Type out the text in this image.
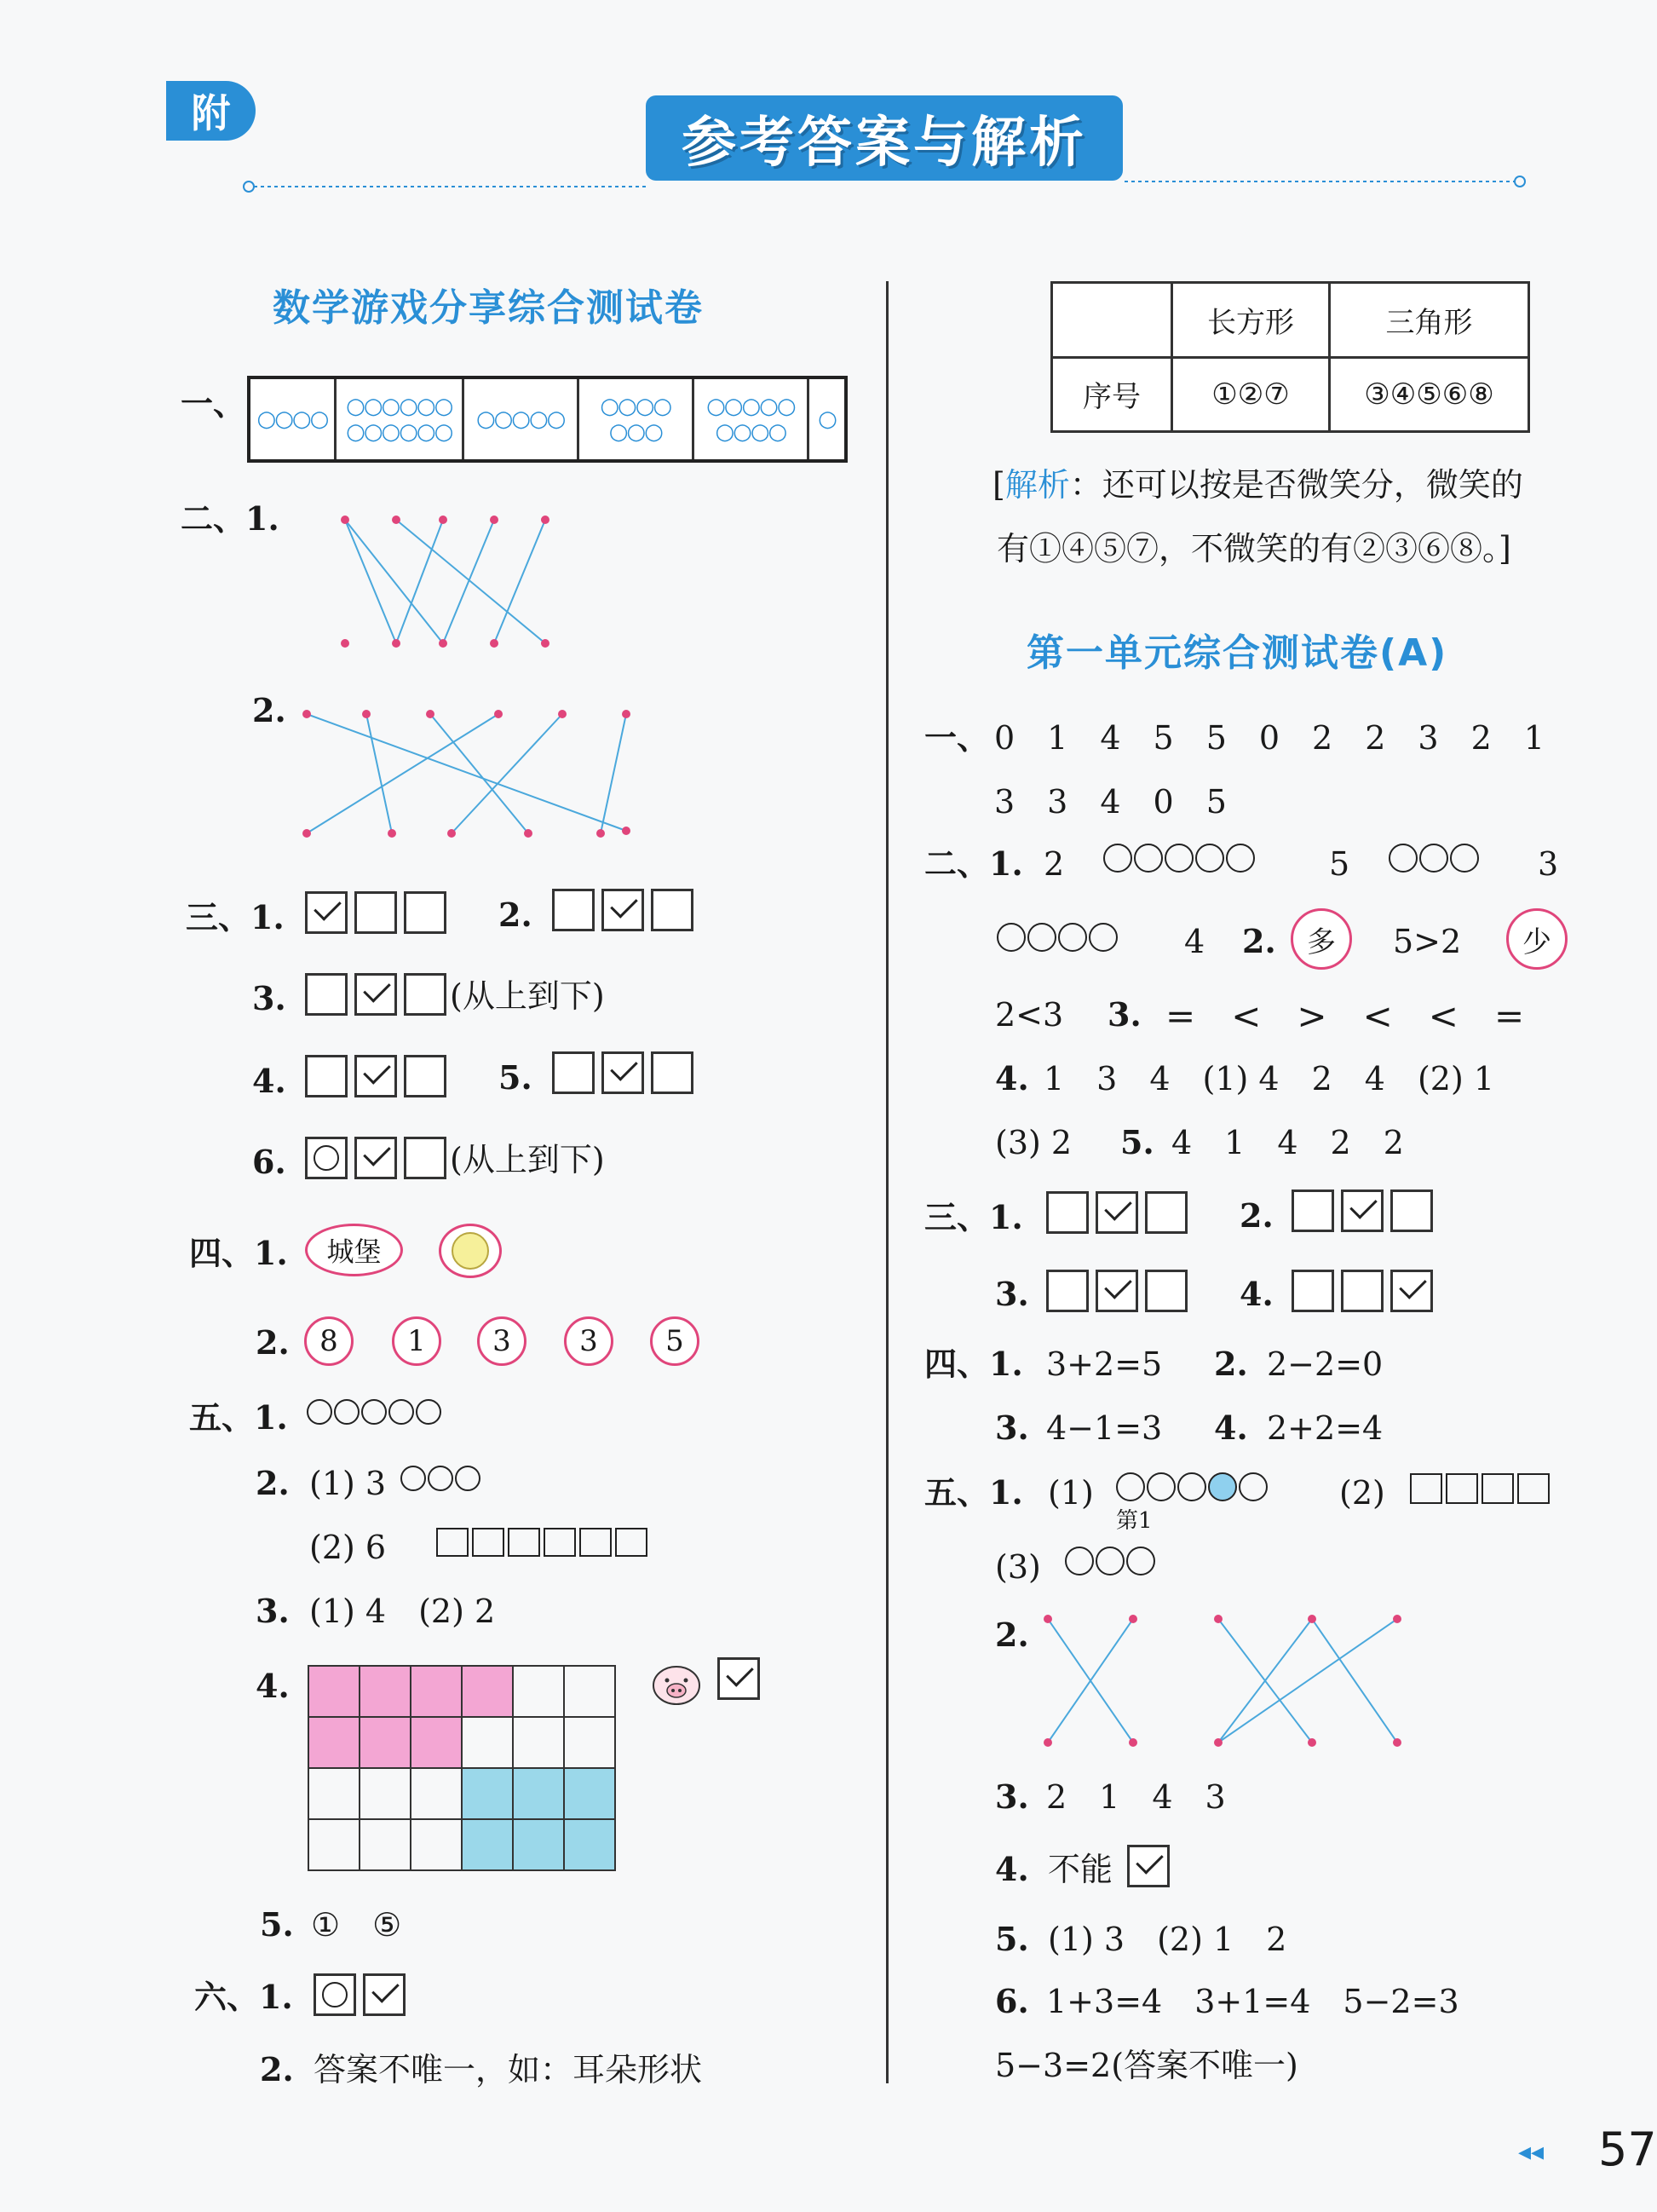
附	参考答案与解析
数学游戏分享综合测试卷
一、 ○○○○ ○○○○○○
○○○○○○ ○○○○○ ○○○○
○○○
○○○○○
○○○○ ○
二、1.
2.
三、1.	2.
3.	(从上到下)
4.	5.
6.	(从上到下)
四、1. 城堡
2. 8 1 3 3 5
五、1.
2. (1) 3
(2) 6
3. (1) 4　(2) 2
4.
5. ①　⑤
六、1.
2. 答案不唯一，如：耳朵形状
	长方形	三角形
序号	①②⑦	③④⑤⑥⑧
[解析：还可以按是否微笑分，微笑的
有①④⑤⑦，不微笑的有②③⑥⑧。]
第一单元综合测试卷(A)
一、 0　1　4　5　5　0　2　2　3　2　1
3　3　4　0　5
二、1. 2	5	3
4 2. 多 5>2 少
2<3 3. =　<　>　<　<　=
4. 1　3　4　(1) 4　2　4　(2) 1
(3) 2 5. 4　1　4　2　2
三、1.	2.
3.	4.
四、1. 3+2=5 2. 2−2=0
3. 4−1=3 4. 2+2=4
五、1. (1)
第1
(2)
(3)
2.
3. 2　1　4　3
4. 不能
5. (1) 3　(2) 1　2
6. 1+3=4　3+1=4　5−2=3
5−3=2(答案不唯一)
◂◂ 57
